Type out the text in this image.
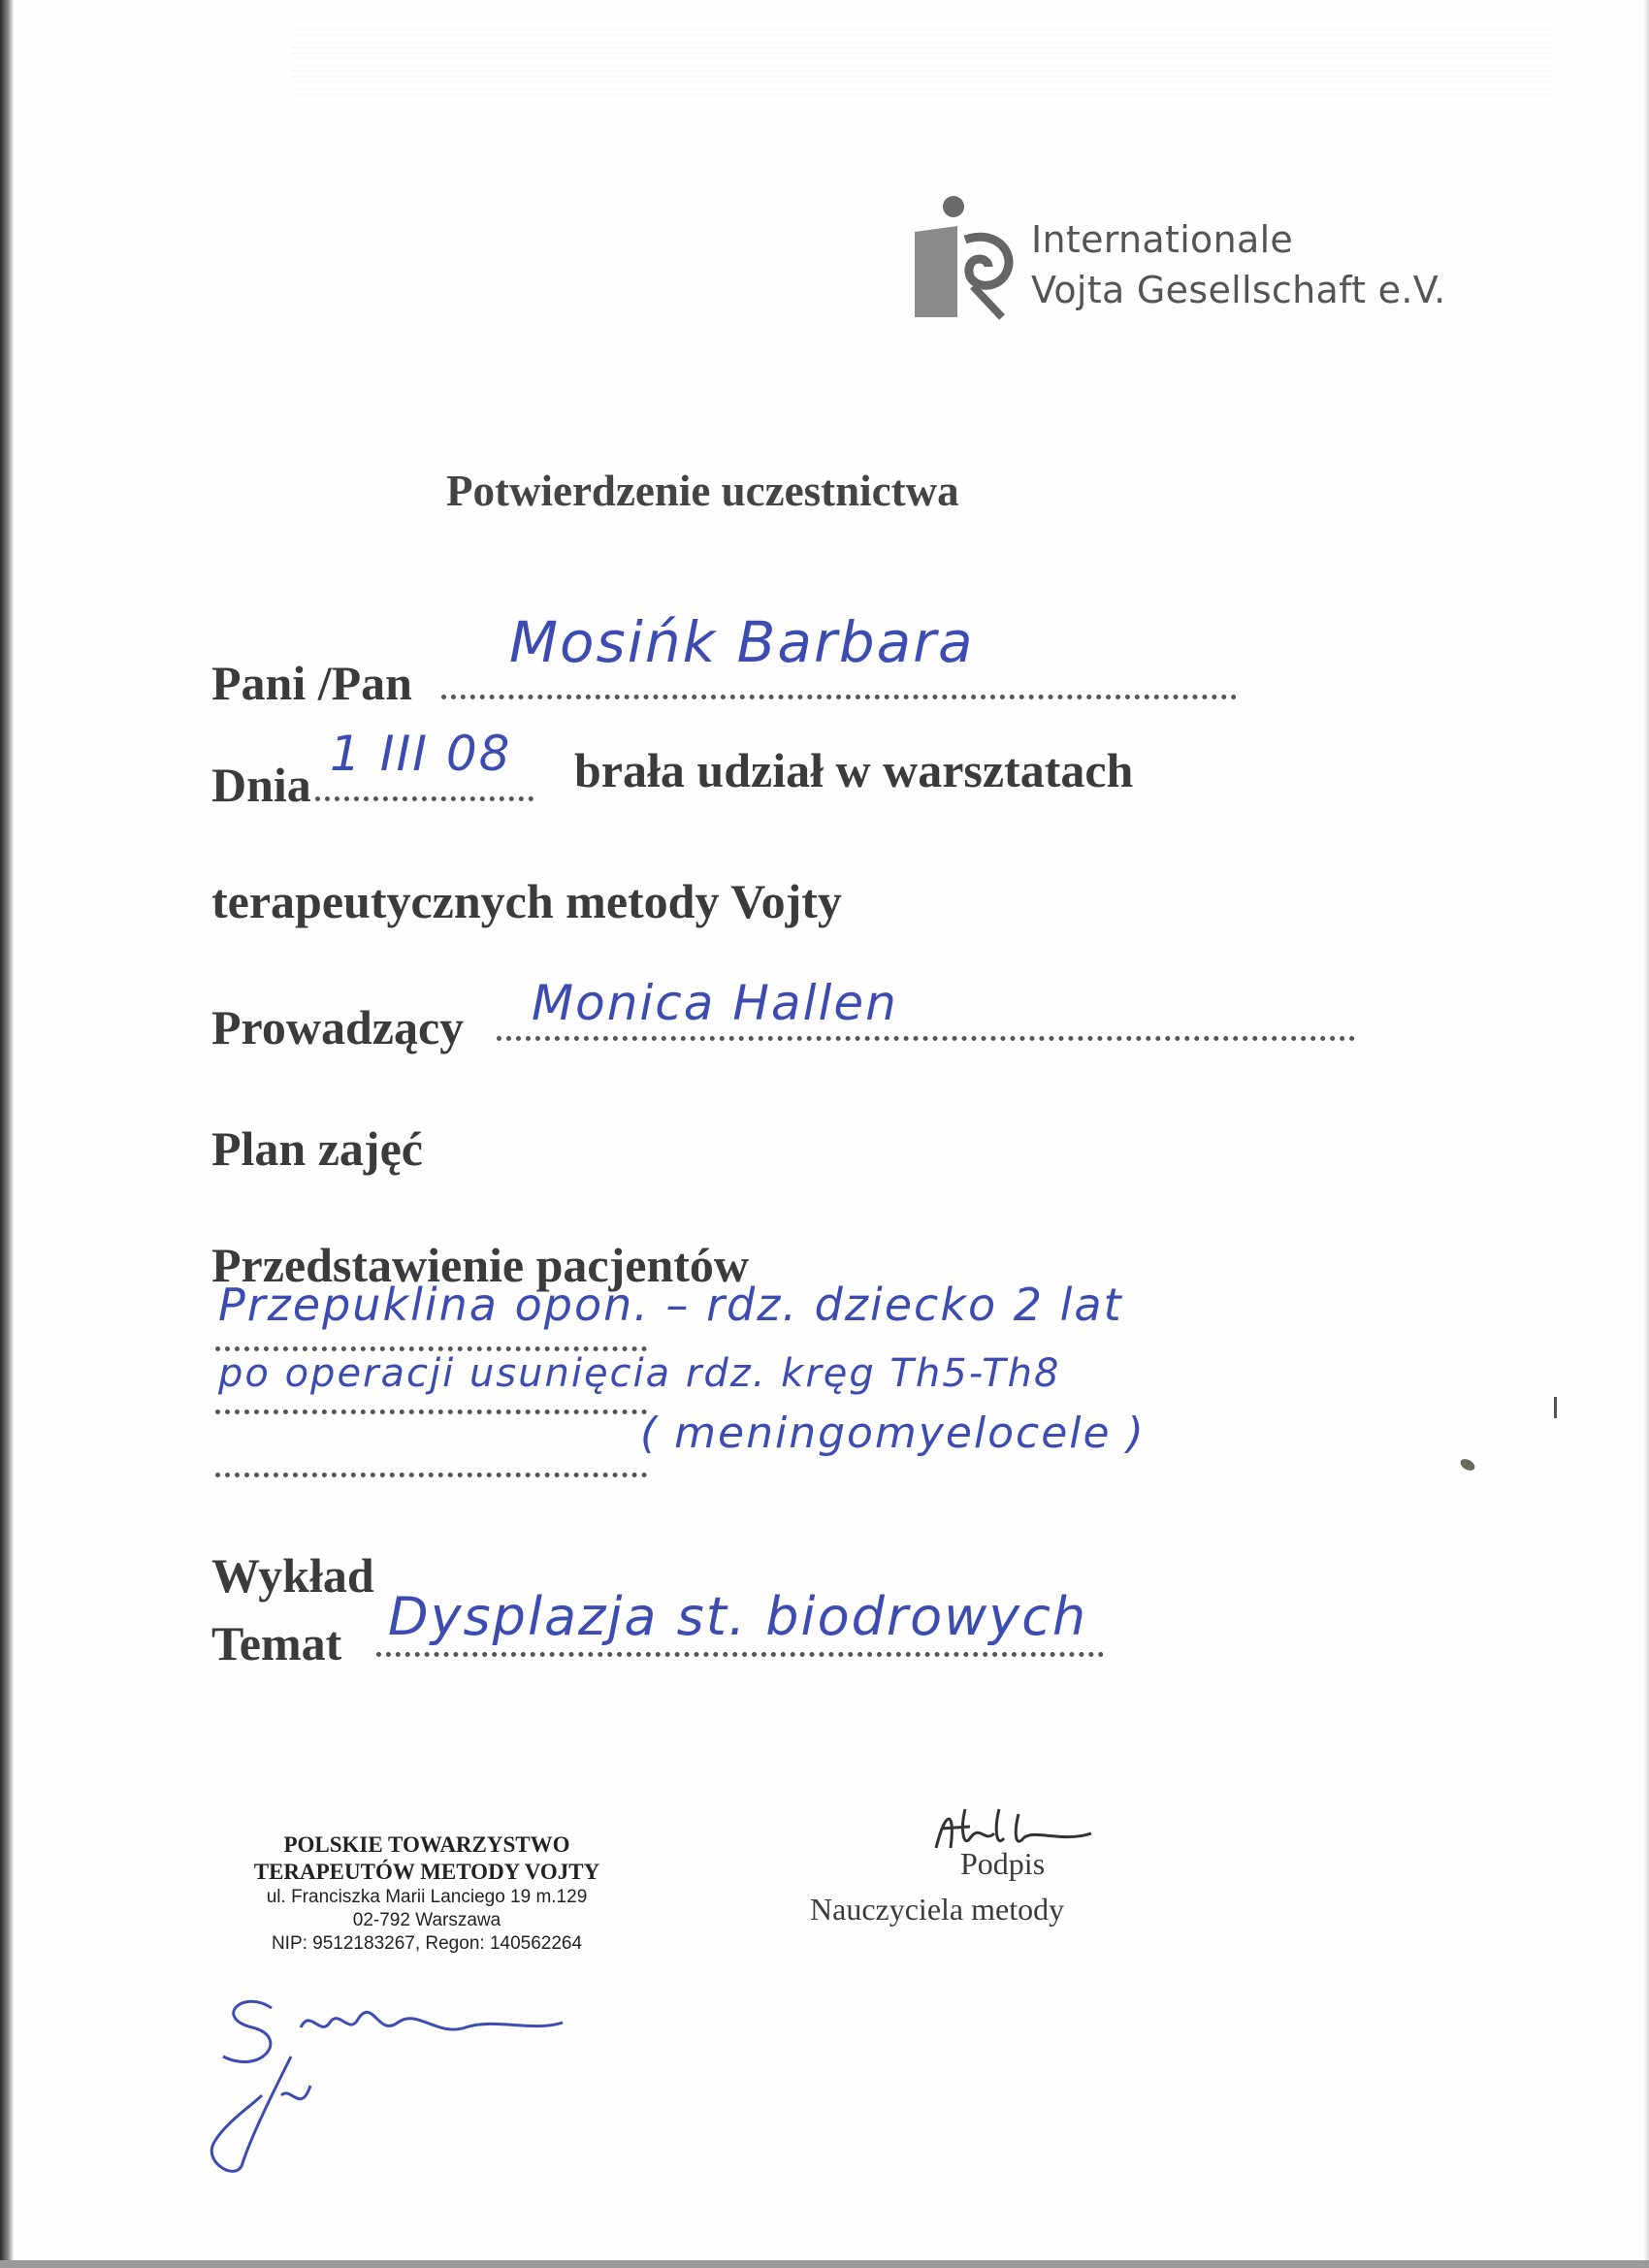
Internationale
Vojta Gesellschaft e.V.
Potwierdzenie uczestnictwa
Pani /Pan
Mosińk Barbara
Dnia
1 III 08 brała udział w warsztatach
terapeutycznych metody Vojty
Prowadzący Monica Hallen
Plan zajęć
Przedstawienie pacjentów
Przepuklina opon. – rdz. dziecko 2 lat
po operacji usunięcia rdz. kręg Th5-Th8
( meningomyelocele )
Wykład
Temat Dysplazja st. biodrowych
POLSKIE TOWARZYSTWO
TERAPEUTÓW METODY VOJTY
ul. Franciszka Marii Lanciego 19 m.129
02-792 Warszawa
NIP: 9512183267, Regon: 140562264
Podpis
Nauczyciela metody
